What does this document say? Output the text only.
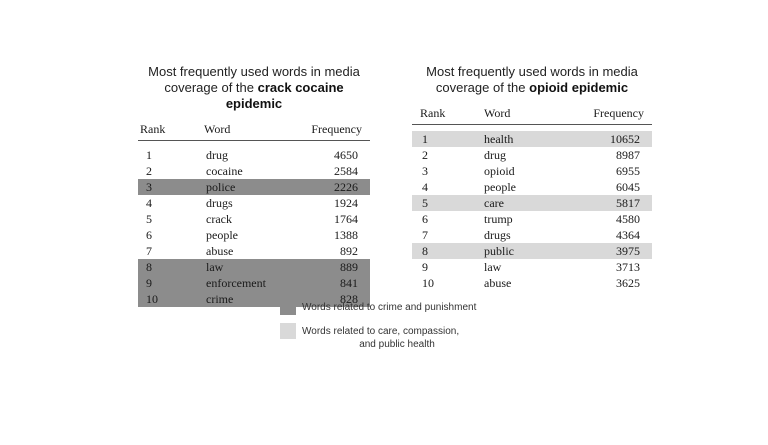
Most frequently used words in media
coverage of the crack cocaine epidemic

Rank	Word	Frequency
1	drug	4650
2	cocaine	2584
3	police	2226
4	drugs	1924
5	crack	1764
6	people	1388
7	abuse	892
8	law	889
9	enforcement	841
10	crime	828

Most frequently used words in media
coverage of the opioid epidemic

Rank	Word	Frequency
1	health	10652
2	drug	8987
3	opioid	6955
4	people	6045
5	care	5817
6	trump	4580
7	drugs	4364
8	public	3975
9	law	3713
10	abuse	3625
Words related to crime and punishment
Words related to care, compassion,
and public health
